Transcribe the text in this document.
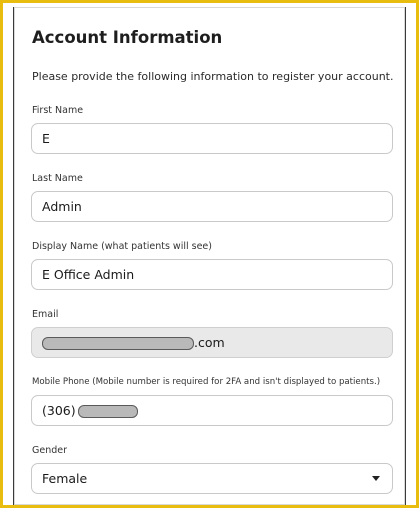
Account Information
Please provide the following information to register your account.
First Name
E
Last Name
Admin
Display Name (what patients will see)
E Office Admin
Email
.com
Mobile Phone (Mobile number is required for 2FA and isn't displayed to patients.)
(306)
Gender
Female
